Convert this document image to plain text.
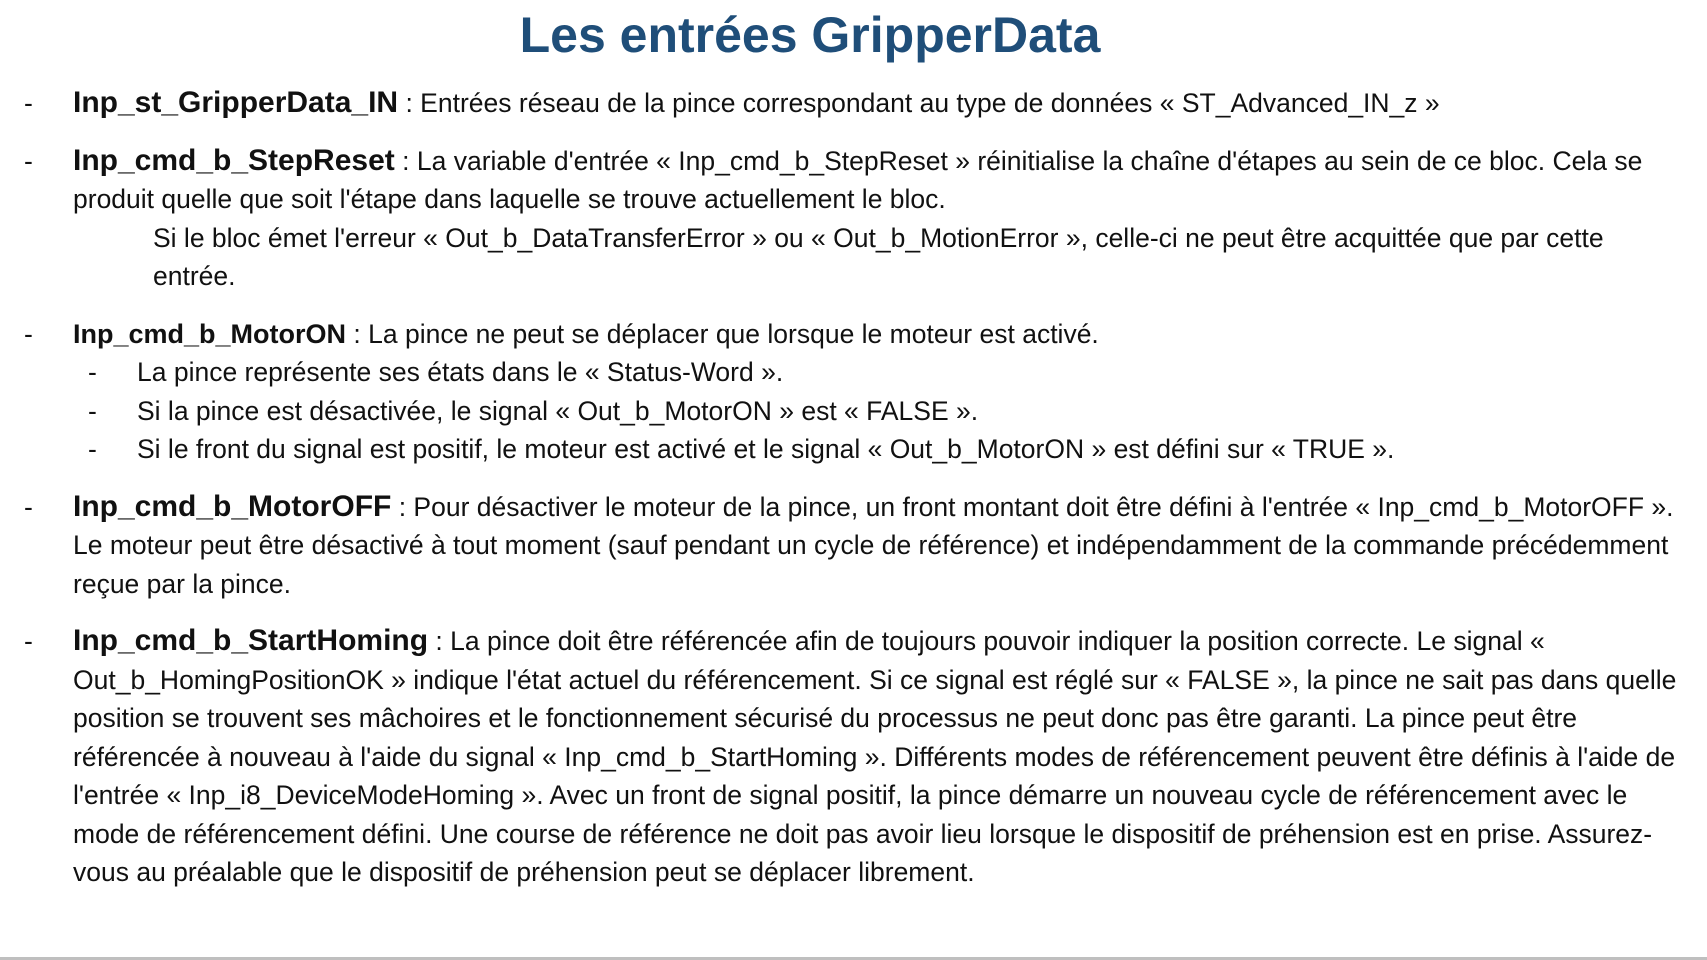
Les entrées GripperData
- Inp_st_GripperData_IN : Entrées réseau de la pince correspondant au type de données « ST_Advanced_IN_z »
- Inp_cmd_b_StepReset : La variable d'entrée « Inp_cmd_b_StepReset » réinitialise la chaîne d'étapes au sein de ce bloc. Cela se produit quelle que soit l'étape dans laquelle se trouve actuellement le bloc.
Si le bloc émet l'erreur « Out_b_DataTransferError » ou « Out_b_MotionError », celle-ci ne peut être acquittée que par cette entrée.
- Inp_cmd_b_MotorON : La pince ne peut se déplacer que lorsque le moteur est activé.
- La pince représente ses états dans le « Status-Word ».
- Si la pince est désactivée, le signal « Out_b_MotorON » est « FALSE ».
- Si le front du signal est positif, le moteur est activé et le signal « Out_b_MotorON » est défini sur « TRUE ».
- Inp_cmd_b_MotorOFF : Pour désactiver le moteur de la pince, un front montant doit être défini à l'entrée « Inp_cmd_b_MotorOFF ». Le moteur peut être désactivé à tout moment (sauf pendant un cycle de référence) et indépendamment de la commande précédemment reçue par la pince.
- Inp_cmd_b_StartHoming : La pince doit être référencée afin de toujours pouvoir indiquer la position correcte. Le signal « Out_b_HomingPositionOK » indique l'état actuel du référencement. Si ce signal est réglé sur « FALSE », la pince ne sait pas dans quelle position se trouvent ses mâchoires et le fonctionnement sécurisé du processus ne peut donc pas être garanti. La pince peut être référencée à nouveau à l'aide du signal « Inp_cmd_b_StartHoming ». Différents modes de référencement peuvent être définis à l'aide de l'entrée « Inp_i8_DeviceModeHoming ». Avec un front de signal positif, la pince démarre un nouveau cycle de référencement avec le mode de référencement défini. Une course de référence ne doit pas avoir lieu lorsque le dispositif de préhension est en prise. Assurez-vous au préalable que le dispositif de préhension peut se déplacer librement.
